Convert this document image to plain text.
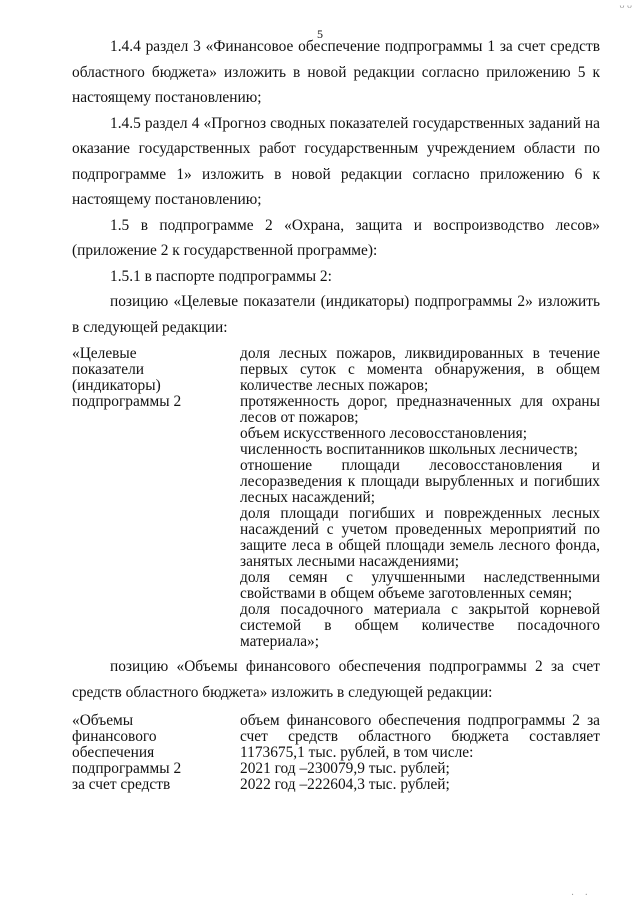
ᴗ ᴗ
5

1.4.4 раздел 3 «Финансовое обеспечение подпрограммы 1 за счет средств областного бюджета» изложить в новой редакции согласно приложению 5 к настоящему постановлению;

1.4.5 раздел 4 «Прогноз сводных показателей государственных заданий на оказание государственных работ государственным учреждением области по подпрограмме 1» изложить в новой редакции согласно приложению 6 к настоящему постановлению;

1.5 в подпрограмме 2 «Охрана, защита и воспроизводство лесов» (приложение 2 к государственной программе):

1.5.1 в паспорте подпрограммы 2:

позицию «Целевые показатели (индикаторы) подпрограммы 2» изложить в следующей редакции:

«Целевые
показатели
(индикаторы)
подпрограммы 2
доля лесных пожаров, ликвидированных в течение первых суток с момента обнаружения, в общем количестве лесных пожаров;
протяженность дорог, предназначенных для охраны лесов от пожаров;
объем искусственного лесовосстановления;
численность воспитанников школьных лесничеств;
отношение площади лесовосстановления и лесоразведения к площади вырубленных и погибших лесных насаждений;
доля площади погибших и поврежденных лесных насаждений с учетом проведенных мероприятий по защите леса в общей площади земель лесного фонда, занятых лесными насаждениями;
доля семян с улучшенными наследственными свойствами в общем объеме заготовленных семян;
доля посадочного материала с закрытой корневой системой в общем количестве посадочного материала»;

позицию «Объемы финансового обеспечения подпрограммы 2 за счет средств областного бюджета» изложить в следующей редакции:

«Объемы
финансового
обеспечения
подпрограммы 2
за счет средств
объем финансового обеспечения подпрограммы 2 за счет средств областного бюджета составляет 1173675,1 тыс. рублей, в том числе:
2021 год –230079,9 тыс. рублей;
2022 год –222604,3 тыс. рублей;
· ·
